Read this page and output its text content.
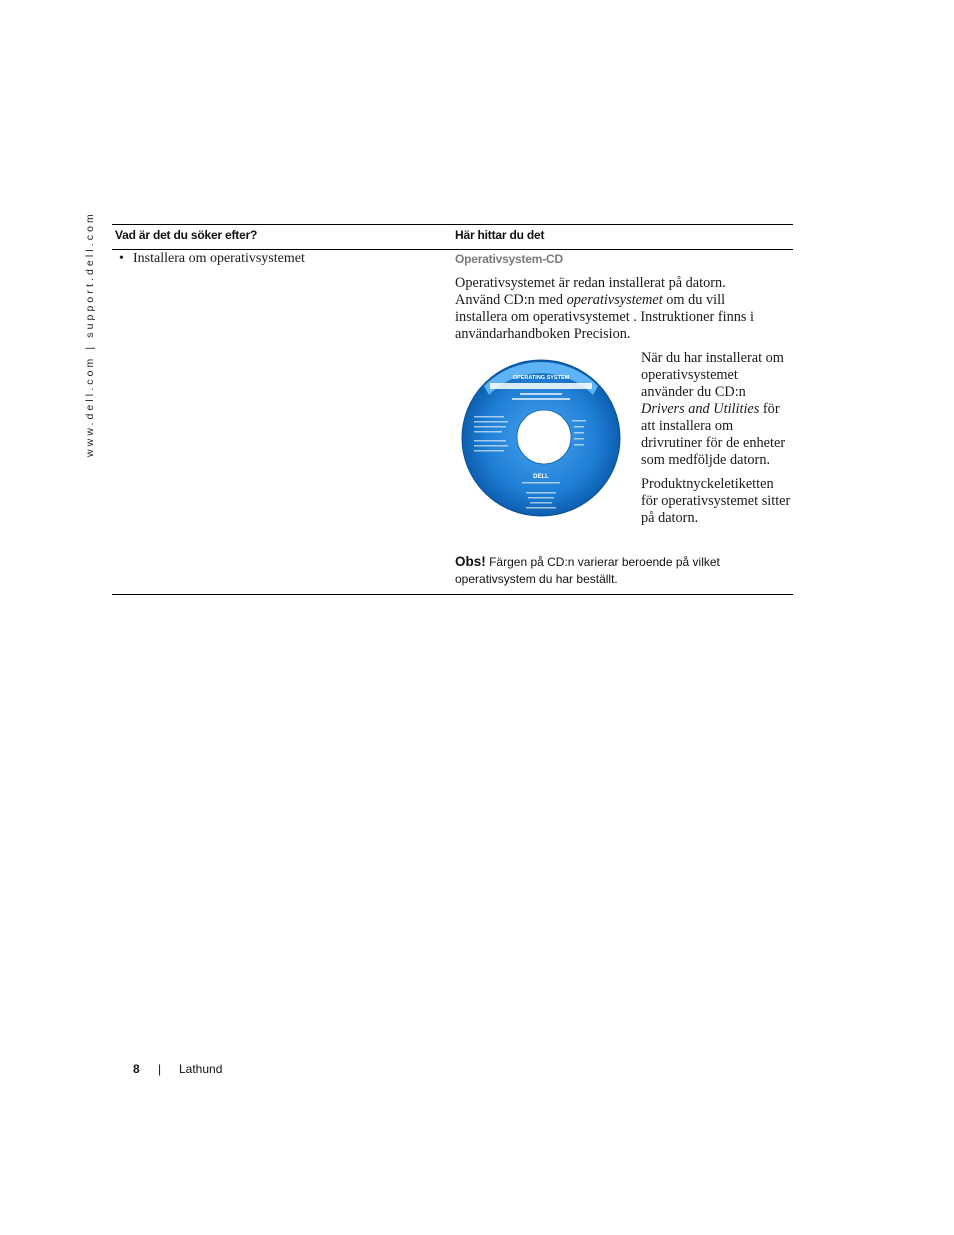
www.dell.com | support.dell.com Vad är det du söker efter?	Här hittar du det
• Installera om operativsystemet	Operativsystem-CD
Operativsystemet är redan installerat på datorn. Använd CD:n med operativsystemet om du vill installera om operativsystemet . Instruktioner finns i användarhandboken Precision.
OPERATING SYSTEM
DELL
När du har installerat om operativsystemet använder du CD:n Drivers and Utilities för att installera om drivrutiner för de enheter som medföljde datorn.
Produktnyckeletiketten för operativsystemet sitter på datorn.
Obs! Färgen på CD:n varierar beroende på vilket operativsystem du har beställt.
8 | Lathund
